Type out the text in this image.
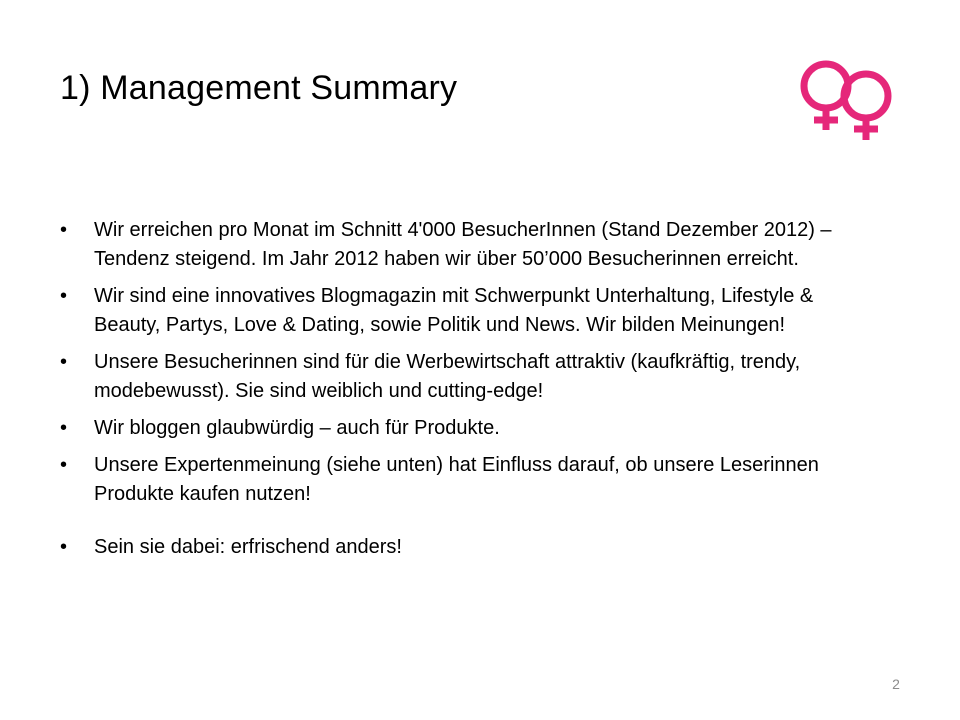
1) Management Summary
• Wir erreichen pro Monat im Schnitt 4'000 BesucherInnen (Stand Dezember 2012) – Tendenz steigend. Im Jahr 2012 haben wir über 50’000 Besucherinnen erreicht.
• Wir sind eine innovatives Blogmagazin mit Schwerpunkt Unterhaltung, Lifestyle & Beauty, Partys, Love & Dating, sowie Politik und News. Wir bilden Meinungen!
• Unsere Besucherinnen sind für die Werbewirtschaft attraktiv (kaufkräftig, trendy, modebewusst). Sie sind weiblich und cutting-edge!
• Wir bloggen glaubwürdig – auch für Produkte.
• Unsere Expertenmeinung (siehe unten) hat Einfluss darauf, ob unsere Leserinnen Produkte kaufen nutzen!
• Sein sie dabei: erfrischend anders!
2
